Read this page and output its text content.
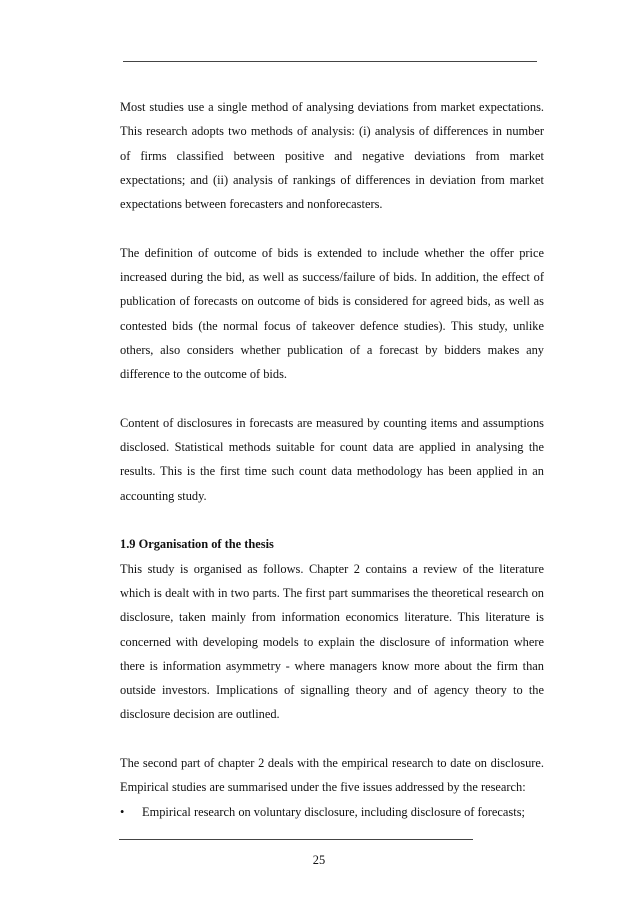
Most studies use a single method of analysing deviations from market expectations. This research adopts two methods of analysis: (i) analysis of differences in number of firms classified between positive and negative deviations from market expectations; and (ii) analysis of rankings of differences in deviation from market expectations between forecasters and nonforecasters.

The definition of outcome of bids is extended to include whether the offer price increased during the bid, as well as success/failure of bids. In addition, the effect of publication of forecasts on outcome of bids is considered for agreed bids, as well as contested bids (the normal focus of takeover defence studies). This study, unlike others, also considers whether publication of a forecast by bidders makes any difference to the outcome of bids.

Content of disclosures in forecasts are measured by counting items and assumptions disclosed. Statistical methods suitable for count data are applied in analysing the results. This is the first time such count data methodology has been applied in an accounting study.

1.9 Organisation of the thesis

This study is organised as follows. Chapter 2 contains a review of the literature which is dealt with in two parts. The first part summarises the theoretical research on disclosure, taken mainly from information economics literature. This literature is concerned with developing models to explain the disclosure of information where there is information asymmetry - where managers know more about the firm than outside investors. Implications of signalling theory and of agency theory to the disclosure decision are outlined.

The second part of chapter 2 deals with the empirical research to date on disclosure. Empirical studies are summarised under the five issues addressed by the research:

• Empirical research on voluntary disclosure, including disclosure of forecasts;
25
